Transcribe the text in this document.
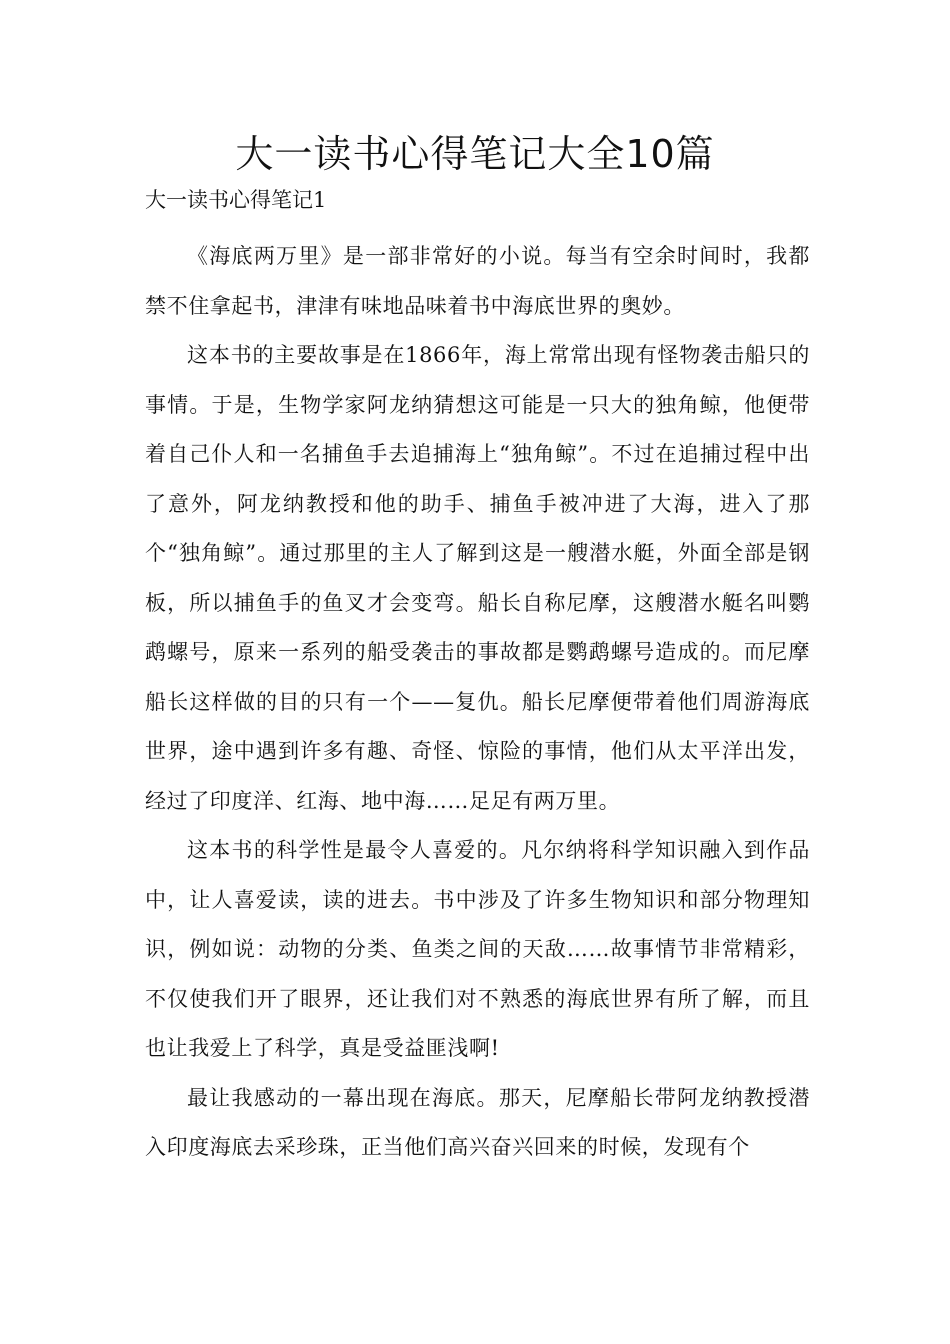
大一读书心得笔记大全10篇

大一读书心得笔记1

《海底两万里》是一部非常好的小说。每当有空余时间时，我都禁不住拿起书，津津有味地品味着书中海底世界的奥妙。

这本书的主要故事是在1866年，海上常常出现有怪物袭击船只的事情。于是，生物学家阿龙纳猜想这可能是一只大的独角鲸，他便带着自己仆人和一名捕鱼手去追捕海上“独角鲸”。不过在追捕过程中出了意外，阿龙纳教授和他的助手、捕鱼手被冲进了大海，进入了那个“独角鲸”。通过那里的主人了解到这是一艘潜水艇，外面全部是钢板，所以捕鱼手的鱼叉才会变弯。船长自称尼摩，这艘潜水艇名叫鹦鹉螺号，原来一系列的船受袭击的事故都是鹦鹉螺号造成的。而尼摩船长这样做的目的只有一个——复仇。船长尼摩便带着他们周游海底世界，途中遇到许多有趣、奇怪、惊险的事情，他们从太平洋出发，经过了印度洋、红海、地中海……足足有两万里。

这本书的科学性是最令人喜爱的。凡尔纳将科学知识融入到作品中，让人喜爱读，读的进去。书中涉及了许多生物知识和部分物理知识，例如说：动物的分类、鱼类之间的天敌……故事情节非常精彩，不仅使我们开了眼界，还让我们对不熟悉的海底世界有所了解，而且也让我爱上了科学，真是受益匪浅啊!

最让我感动的一幕出现在海底。那天，尼摩船长带阿龙纳教授潜入印度海底去采珍珠，正当他们高兴奋兴回来的时候，发现有个
